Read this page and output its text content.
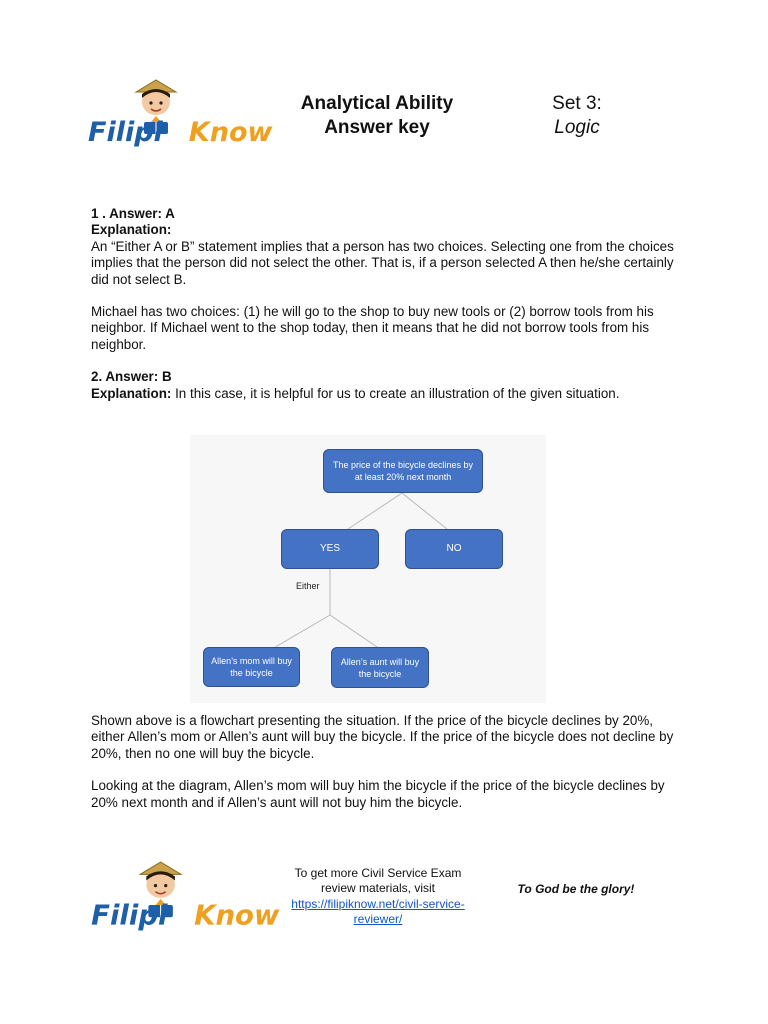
Filipi Know
Analytical Ability
Answer key
Set 3:
Logic

1 . Answer: A

Explanation:

An “Either A or B” statement implies that a person has two choices. Selecting one from the choices implies that the person did not select the other. That is, if a person selected A then he/she certainly did not select B.

Michael has two choices: (1) he will go to the shop to buy new tools or (2) borrow tools from his neighbor. If Michael went to the shop today, then it means that he did not borrow tools from his neighbor.

2. Answer: B

Explanation: In this case, it is helpful for us to create an illustration of the given situation.

Shown above is a flowchart presenting the situation. If the price of the bicycle declines by 20%, either Allen’s mom or Allen’s aunt will buy the bicycle. If the price of the bicycle does not decline by 20%, then no one will buy the bicycle.

Looking at the diagram, Allen’s mom will buy him the bicycle if the price of the bicycle declines by 20% next month and if Allen’s aunt will not buy him the bicycle.

The price of the bicycle declines by at least 20% next month
YES	NO
Either
Allen’s mom will buy the bicycle
Allen’s aunt will buy the bicycle
Filipi Know
To get more Civil Service Exam review materials, visit
https://filipiknow.net/civil-service-reviewer/
To God be the glory!
